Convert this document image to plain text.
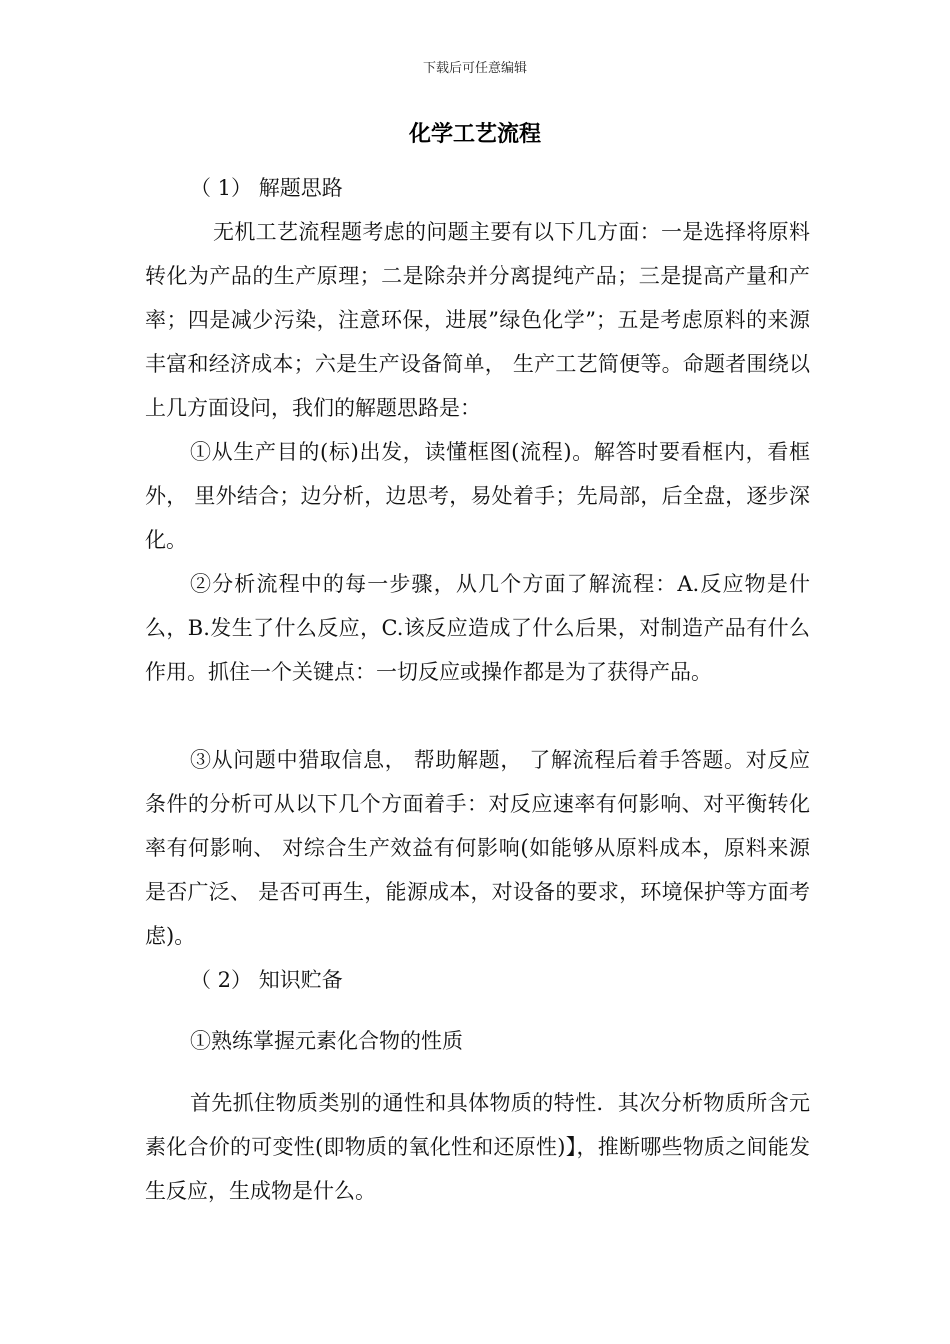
下载后可任意编辑
化学工艺流程

（ 1） 解题思路

无机工艺流程题考虑的问题主要有以下几方面：一是选择将原料转化为产品的生产原理；二是除杂并分离提纯产品；三是提高产量和产率；四是减少污染，注意环保，进展”绿色化学”；五是考虑原料的来源丰富和经济成本；六是生产设备简单， 生产工艺简便等。命题者围绕以上几方面设问，我们的解题思路是：

①从生产目的(标)出发，读懂框图(流程)。解答时要看框内，看框外， 里外结合；边分析，边思考，易处着手；先局部，后全盘，逐步深化。

②分析流程中的每一步骤，从几个方面了解流程：A.反应物是什么，B.发生了什么反应，C.该反应造成了什么后果，对制造产品有什么作用。抓住一个关键点：一切反应或操作都是为了获得产品。

③从问题中猎取信息， 帮助解题， 了解流程后着手答题。对反应条件的分析可从以下几个方面着手：对反应速率有何影响、对平衡转化率有何影响、 对综合生产效益有何影响(如能够从原料成本，原料来源是否广泛、 是否可再生，能源成本，对设备的要求，环境保护等方面考虑)。

（ 2） 知识贮备

①熟练掌握元素化合物的性质

首先抓住物质类别的通性和具体物质的特性．其次分析物质所含元素化合价的可变性(即物质的氧化性和还原性)】，推断哪些物质之间能发生反应，生成物是什么。
